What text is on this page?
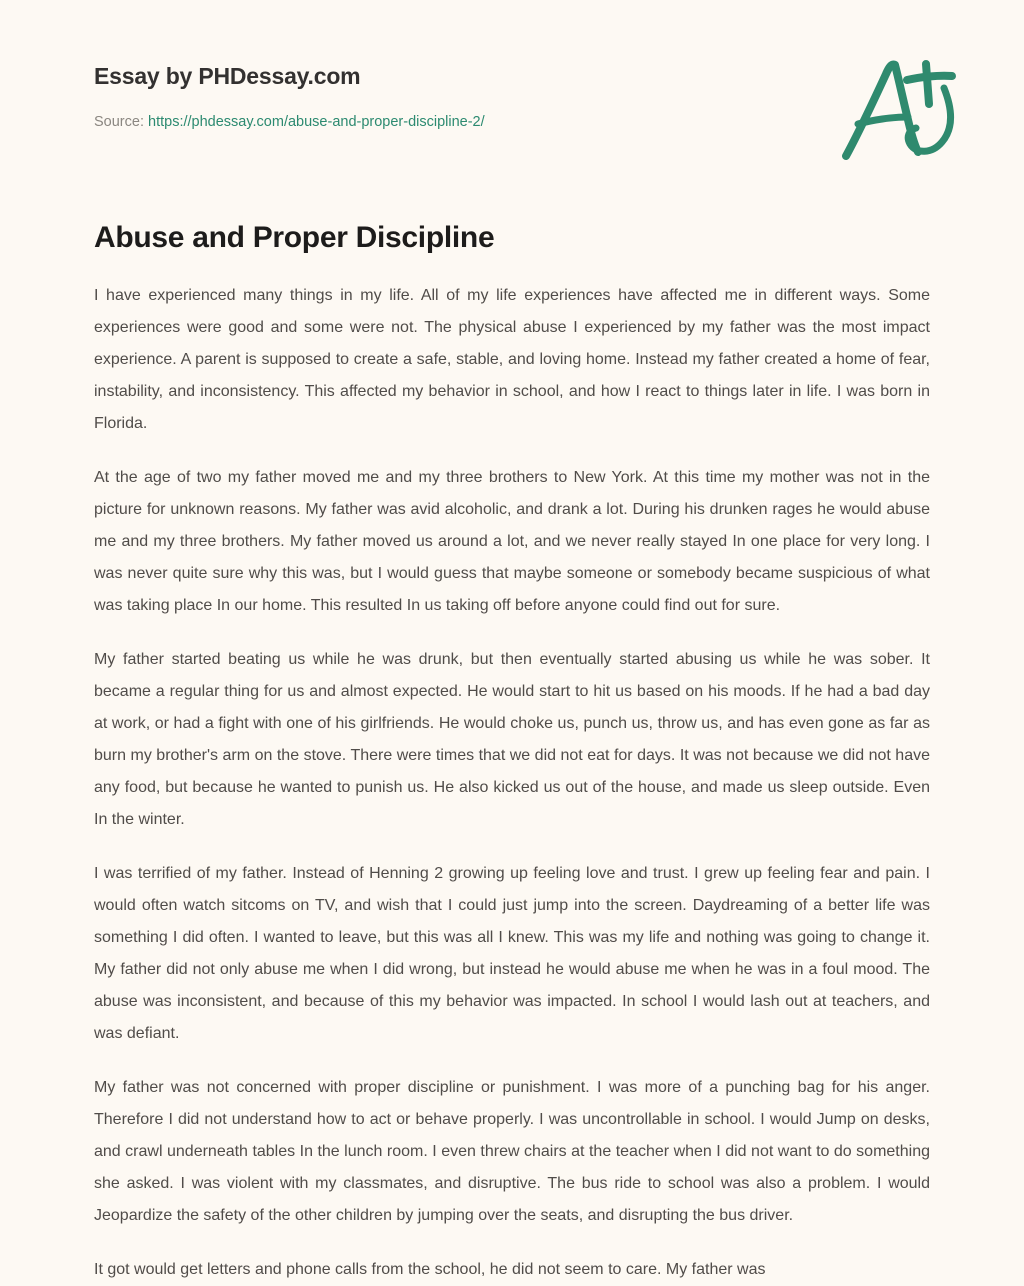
Essay by PHDessay.com
Source: https://phdessay.com/abuse-and-proper-discipline-2/
Abuse and Proper Discipline

I have experienced many things in my life. All of my life experiences have affected me in different ways. Some experiences were good and some were not. The physical abuse I experienced by my father was the most impact experience. A parent is supposed to create a safe, stable, and loving home. Instead my father created a home of fear, instability, and inconsistency. This affected my behavior in school, and how I react to things later in life. I was born in Florida.

At the age of two my father moved me and my three brothers to New York. At this time my mother was not in the picture for unknown reasons. My father was avid alcoholic, and drank a lot. During his drunken rages he would abuse me and my three brothers. My father moved us around a lot, and we never really stayed In one place for very long. I was never quite sure why this was, but I would guess that maybe someone or somebody became suspicious of what was taking place In our home. This resulted In us taking off before anyone could find out for sure.

My father started beating us while he was drunk, but then eventually started abusing us while he was sober. It became a regular thing for us and almost expected. He would start to hit us based on his moods. If he had a bad day at work, or had a fight with one of his girlfriends. He would choke us, punch us, throw us, and has even gone as far as burn my brother's arm on the stove. There were times that we did not eat for days. It was not because we did not have any food, but because he wanted to punish us. He also kicked us out of the house, and made us sleep outside. Even In the winter.

I was terrified of my father. Instead of Henning 2 growing up feeling love and trust. I grew up feeling fear and pain. I would often watch sitcoms on TV, and wish that I could just jump into the screen. Daydreaming of a better life was something I did often. I wanted to leave, but this was all I knew. This was my life and nothing was going to change it. My father did not only abuse me when I did wrong, but instead he would abuse me when he was in a foul mood. The abuse was inconsistent, and because of this my behavior was impacted. In school I would lash out at teachers, and was defiant.

My father was not concerned with proper discipline or punishment. I was more of a punching bag for his anger. Therefore I did not understand how to act or behave properly. I was uncontrollable in school. I would Jump on desks, and crawl underneath tables In the lunch room. I even threw chairs at the teacher when I did not want to do something she asked. I was violent with my classmates, and disruptive. The bus ride to school was also a problem. I would Jeopardize the safety of the other children by jumping over the seats, and disrupting the bus driver.

It got would get letters and phone calls from the school, he did not seem to care. My father was
